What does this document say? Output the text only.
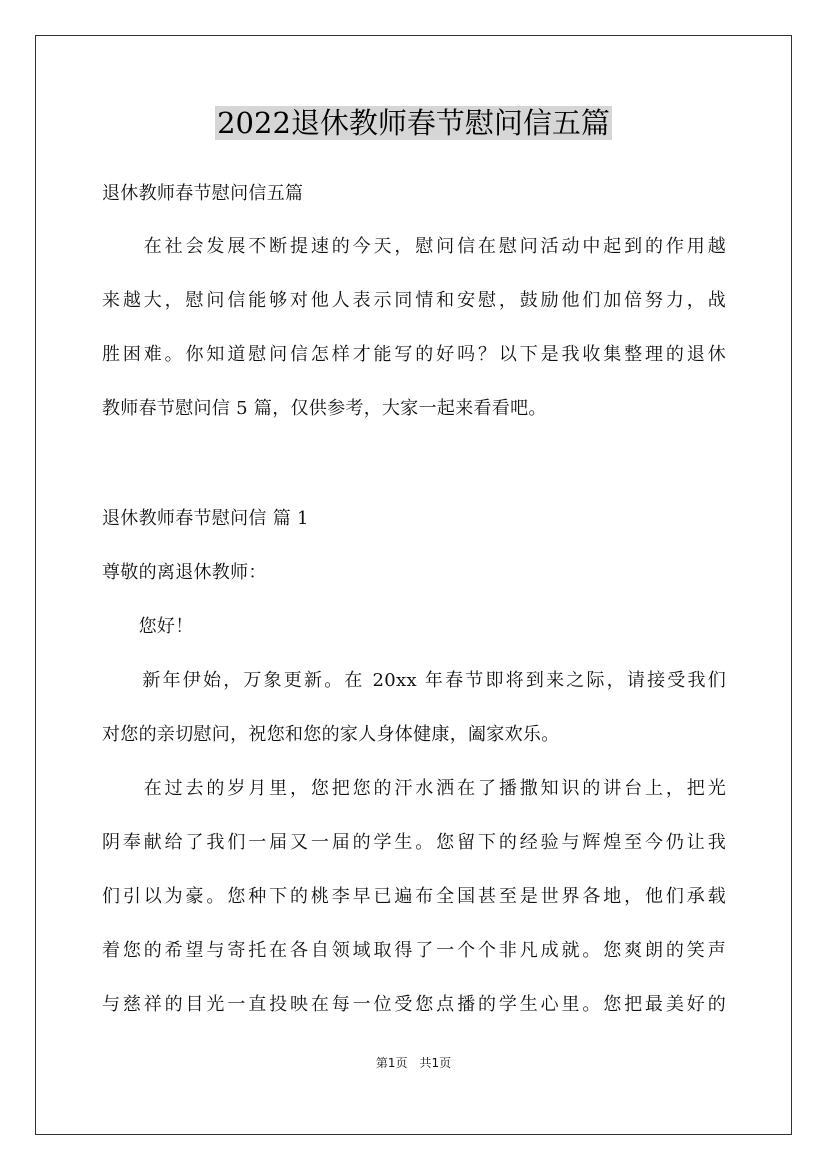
2022退休教师春节慰问信五篇
退休教师春节慰问信五篇
　　在社会发展不断提速的今天，慰问信在慰问活动中起到的作用越
来越大，慰问信能够对他人表示同情和安慰，鼓励他们加倍努力，战
胜困难。你知道慰问信怎样才能写的好吗？以下是我收集整理的退休
教师春节慰问信 5 篇，仅供参考，大家一起来看看吧。
退休教师春节慰问信 篇 1
尊敬的离退休教师：
　　您好！
　　新年伊始，万象更新。在 20xx 年春节即将到来之际，请接受我们
对您的亲切慰问，祝您和您的家人身体健康，阖家欢乐。
　　在过去的岁月里，您把您的汗水洒在了播撒知识的讲台上，把光
阴奉献给了我们一届又一届的学生。您留下的经验与辉煌至今仍让我
们引以为豪。您种下的桃李早已遍布全国甚至是世界各地，他们承载
着您的希望与寄托在各自领域取得了一个个非凡成就。您爽朗的笑声
与慈祥的目光一直投映在每一位受您点播的学生心里。您把最美好的
第1页　共1页
